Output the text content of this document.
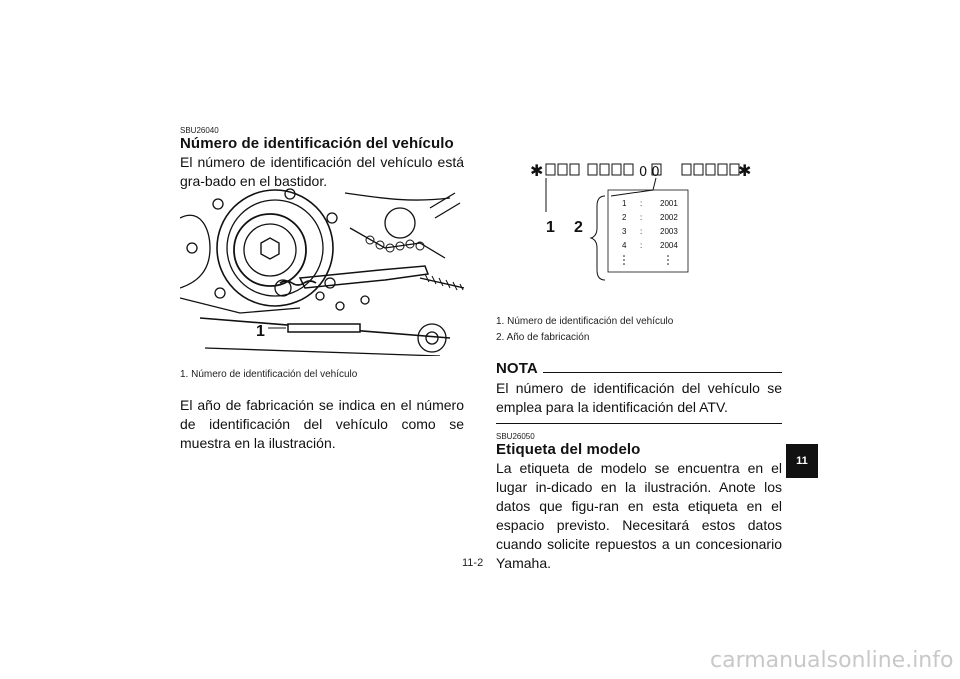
SBU26040
Número de identificación del vehículo
El número de identificación del vehículo está gra-bado en el bastidor.
1
1. Número de identificación del vehículo
El año de fabricación se indica en el número de identificación del vehículo como se muestra en la ilustración.
✱	✱
0 0
1 2
1 : 2001
2 : 2002
3 : 2003
4 : 2004
1. Número de identificación del vehículo
2. Año de fabricación
NOTA
El número de identificación del vehículo se emplea para la identificación del ATV.
SBU26050
Etiqueta del modelo
La etiqueta de modelo se encuentra en el lugar in-dicado en la ilustración. Anote los datos que figu-ran en esta etiqueta en el espacio previsto. Necesitará estos datos cuando solicite repuestos a un concesionario Yamaha.
11
11-2
carmanualsonline.info
